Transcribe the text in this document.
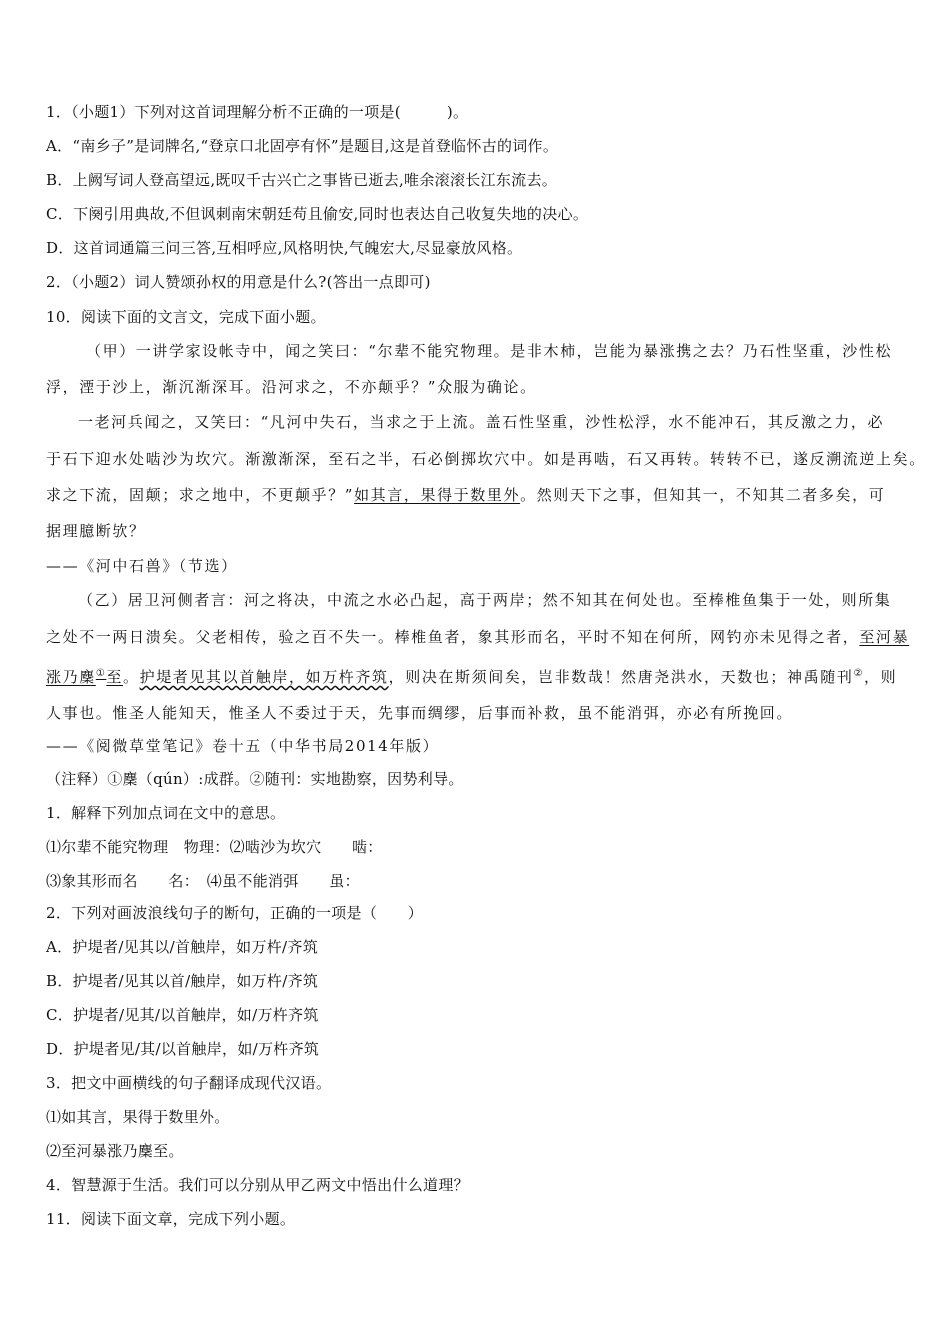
1．（小题1）下列对这首词理解分析不正确的一项是(　　　)。
A．“南乡子”是词牌名,“登京口北固亭有怀”是题目,这是首登临怀古的词作。
B．上阙写词人登高望远,既叹千古兴亡之事皆已逝去,唯余滚滚长江东流去。
C．下阕引用典故,不但讽刺南宋朝廷苟且偷安,同时也表达自己收复失地的决心。
D．这首词通篇三问三答,互相呼应,风格明快,气魄宏大,尽显豪放风格。
2．（小题2）词人赞颂孙权的用意是什么?(答出一点即可)
10．阅读下面的文言文，完成下面小题。
（甲）一讲学家设帐寺中，闻之笑曰：“尔辈不能究物理。是非木柿，岂能为暴涨携之去？乃石性坚重，沙性松
浮，湮于沙上，渐沉渐深耳。沿河求之，不亦颠乎？”众服为确论。
一老河兵闻之，又笑曰：“凡河中失石，当求之于上流。盖石性坚重，沙性松浮，水不能冲石，其反激之力，必
于石下迎水处啮沙为坎穴。渐激渐深，至石之半，石必倒掷坎穴中。如是再啮，石又再转。转转不已，遂反溯流逆上矣。
求之下流，固颠；求之地中，不更颠乎？”如其言，果得于数里外。然则天下之事，但知其一，不知其二者多矣，可
据理臆断欤？
——《河中石兽》（节选）
（乙）居卫河侧者言：河之将决，中流之水必凸起，高于两岸；然不知其在何处也。至棒椎鱼集于一处，则所集
之处不一两日溃矣。父老相传，验之百不失一。棒椎鱼者，象其形而名，平时不知在何所，网钓亦未见得之者，至河暴
涨乃麇①至。护堤者见其以首触岸，如万杵齐筑，则决在斯须间矣，岂非数哉！然唐尧洪水，天数也；神禹随刊②，则
人事也。惟圣人能知天，惟圣人不委过于天，先事而绸缪，后事而补救，虽不能消弭，亦必有所挽回。
——《阅微草堂笔记》卷十五（中华书局2014年版）
（注释）①麇（qún）:成群。②随刊：实地勘察，因势利导。
1．解释下列加点词在文中的意思。
⑴尔辈不能究物理　物理：⑵啮沙为坎穴　　啮：
⑶象其形而名　　名：　⑷虽不能消弭　　虽：
2．下列对画波浪线句子的断句，正确的一项是（　　）
A．护堤者/见其以/首触岸，如万杵/齐筑
B．护堤者/见其以首/触岸，如万杵/齐筑
C．护堤者/见其/以首触岸，如/万杵齐筑
D．护堤者见/其/以首触岸，如/万杵齐筑
3．把文中画横线的句子翻译成现代汉语。
⑴如其言，果得于数里外。
⑵至河暴涨乃麇至。
4．智慧源于生活。我们可以分别从甲乙两文中悟出什么道理？
11．阅读下面文章，完成下列小题。
